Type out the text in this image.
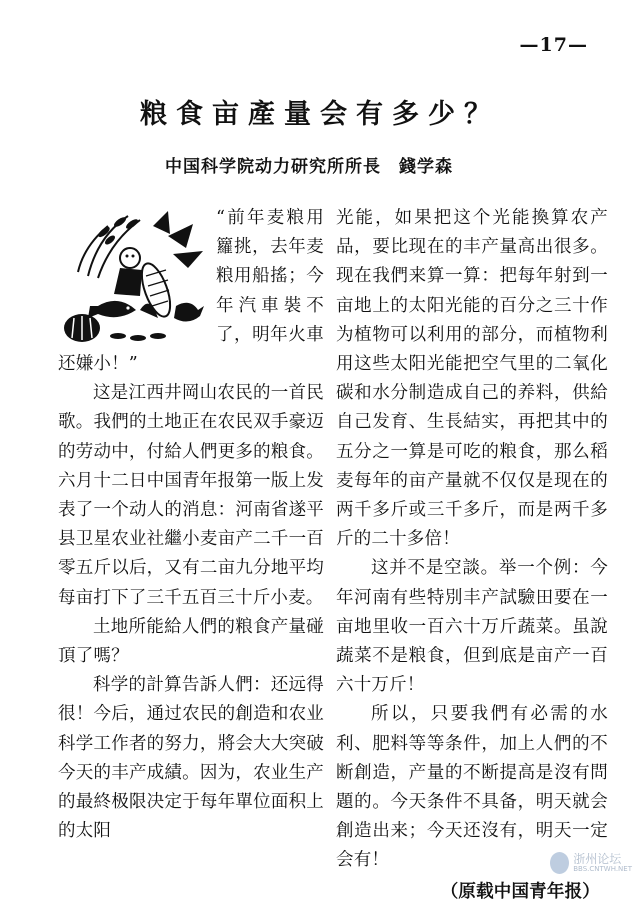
—17—
粮食亩產量会有多少？
中国科学院动力研究所所長 錢学森

“前年麦粮用籮挑，去年麦粮用船搖；今年汽車裝不了，明年火車还嫌小！”

这是江西井岡山农民的一首民歌。我們的土地正在农民双手豪迈的劳动中，付給人們更多的粮食。六月十二日中国青年报第一版上发表了一个动人的消息：河南省遂平县卫星农业社繼小麦亩产二千一百零五斤以后，又有二亩九分地平均每亩打下了三千五百三十斤小麦。

土地所能給人們的粮食产量碰頂了嗎？

科学的計算告訴人們：还远得很！今后，通过农民的創造和农业科学工作者的努力，將会大大突破今天的丰产成績。因为，农业生产的最終极限决定于每年單位面积上的太阳

光能，如果把这个光能換算农产品，要比现在的丰产量高出很多。现在我們来算一算：把每年射到一亩地上的太阳光能的百分之三十作为植物可以利用的部分，而植物利用这些太阳光能把空气里的二氧化碳和水分制造成自己的养料，供給自己发育、生長結实，再把其中的五分之一算是可吃的粮食，那么稻麦每年的亩产量就不仅仅是现在的两千多斤或三千多斤，而是两千多斤的二十多倍！

这并不是空談。举一个例：今年河南有些特別丰产試驗田要在一亩地里收一百六十万斤蔬菜。虽說蔬菜不是粮食，但到底是亩产一百六十万斤！

所以，只要我們有必需的水利、肥料等等条件，加上人們的不断創造，产量的不断提高是沒有問題的。今天条件不具备，明天就会創造出来；今天还沒有，明天一定会有！

（原载中国青年报）

浙州论坛
BBS.CNTWH.NET
